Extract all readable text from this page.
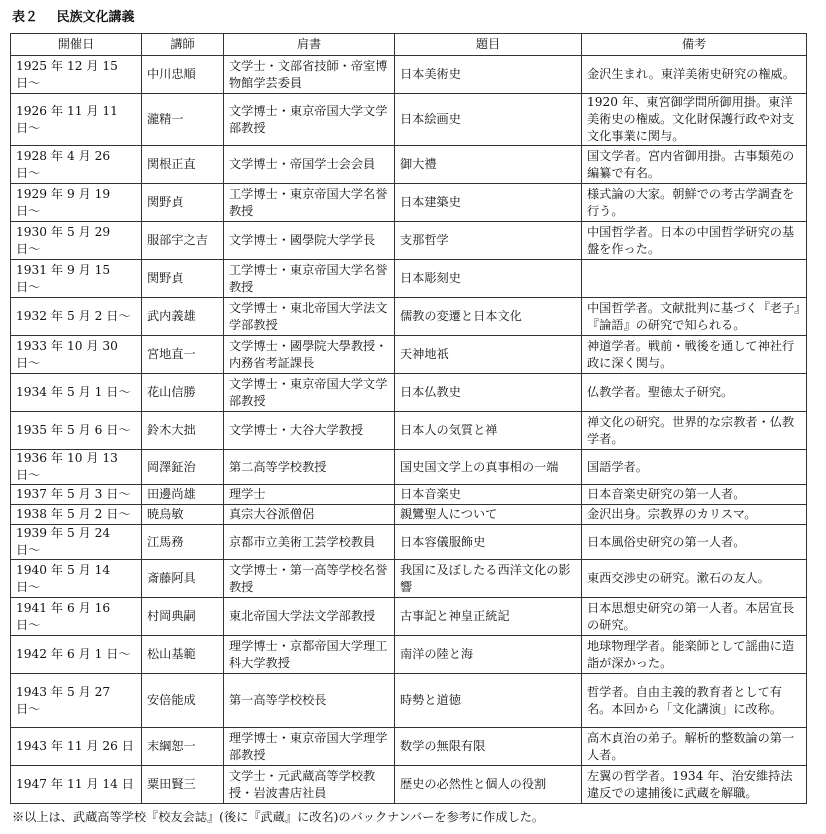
表２ 民族文化講義
開催日	講師	肩書	題目	備考
1925 年 12 月 15 日〜	中川忠順	文学士・文部省技師・帝室博物館学芸委員	日本美術史	金沢生まれ。東洋美術史研究の権威。
1926 年 11 月 11 日〜	瀧精一	文学博士・東京帝国大学文学部教授	日本絵画史	1920 年、東宮御学問所御用掛。東洋美術史の権威。文化財保護行政や対支文化事業に関与。
1928 年 4 月 26 日〜	関根正直	文学博士・帝国学士会会員	御大禮	国文学者。宮内省御用掛。古事類苑の編纂で有名。
1929 年 9 月 19 日〜	関野貞	工学博士・東京帝国大学名誉教授	日本建築史	様式論の大家。朝鮮での考古学調査を行う。
1930 年 5 月 29 日〜	服部宇之吉	文学博士・國學院大学学長	支那哲学	中国哲学者。日本の中国哲学研究の基盤を作った。
1931 年 9 月 15 日〜	関野貞	工学博士・東京帝国大学名誉教授	日本彫刻史	
1932 年 5 月 2 日〜	武内義雄	文学博士・東北帝国大学法文学部教授	儒教の変遷と日本文化	中国哲学者。文献批判に基づく『老子』『論語』の研究で知られる。
1933 年 10 月 30 日〜	宮地直一	文学博士・國學院大學教授・内務省考証課長	天神地祇	神道学者。戦前・戦後を通して神社行政に深く関与。
1934 年 5 月 1 日〜	花山信勝	文学博士・東京帝国大学文学部教授	日本仏教史	仏教学者。聖徳太子研究。
1935 年 5 月 6 日〜	鈴木大拙	文学博士・大谷大学教授	日本人の気質と禅	禅文化の研究。世界的な宗教者・仏教学者。
1936 年 10 月 13 日〜	岡澤鉦治	第二高等学校教授	国史国文学上の真事相の一端	国語学者。
1937 年 5 月 3 日〜	田邊尚雄	理学士	日本音楽史	日本音楽史研究の第一人者。
1938 年 5 月 2 日〜	暁烏敏	真宗大谷派僧侶	親鸞聖人について	金沢出身。宗教界のカリスマ。
1939 年 5 月 24 日〜	江馬務	京都市立美術工芸学校教員	日本容儀服飾史	日本風俗史研究の第一人者。
1940 年 5 月 14 日〜	斎藤阿具	文学博士・第一高等学校名誉教授	我国に及ぼしたる西洋文化の影響	東西交渉史の研究。漱石の友人。
1941 年 6 月 16 日〜	村岡典嗣	東北帝国大学法文学部教授	古事記と神皇正統記	日本思想史研究の第一人者。本居宣長の研究。
1942 年 6 月 1 日〜	松山基範	理学博士・京都帝国大学理工科大学教授	南洋の陸と海	地球物理学者。能楽師として謡曲に造詣が深かった。
1943 年 5 月 27 日〜	安倍能成	第一高等学校校長	時勢と道徳	哲学者。自由主義的教育者として有名。本回から「文化講演」に改称。
1943 年 11 月 26 日	末綱恕一	理学博士・東京帝国大学理学部教授	数学の無限有限	高木貞治の弟子。解析的整数論の第一人者。
1947 年 11 月 14 日	粟田賢三	文学士・元武蔵高等学校教授・岩波書店社員	歴史の必然性と個人の役割	左翼の哲学者。1934 年、治安維持法違反での逮捕後に武蔵を解職。
※以上は、武蔵高等学校『校友会誌』(後に『武蔵』に改名)のバックナンバーを参考に作成した。
